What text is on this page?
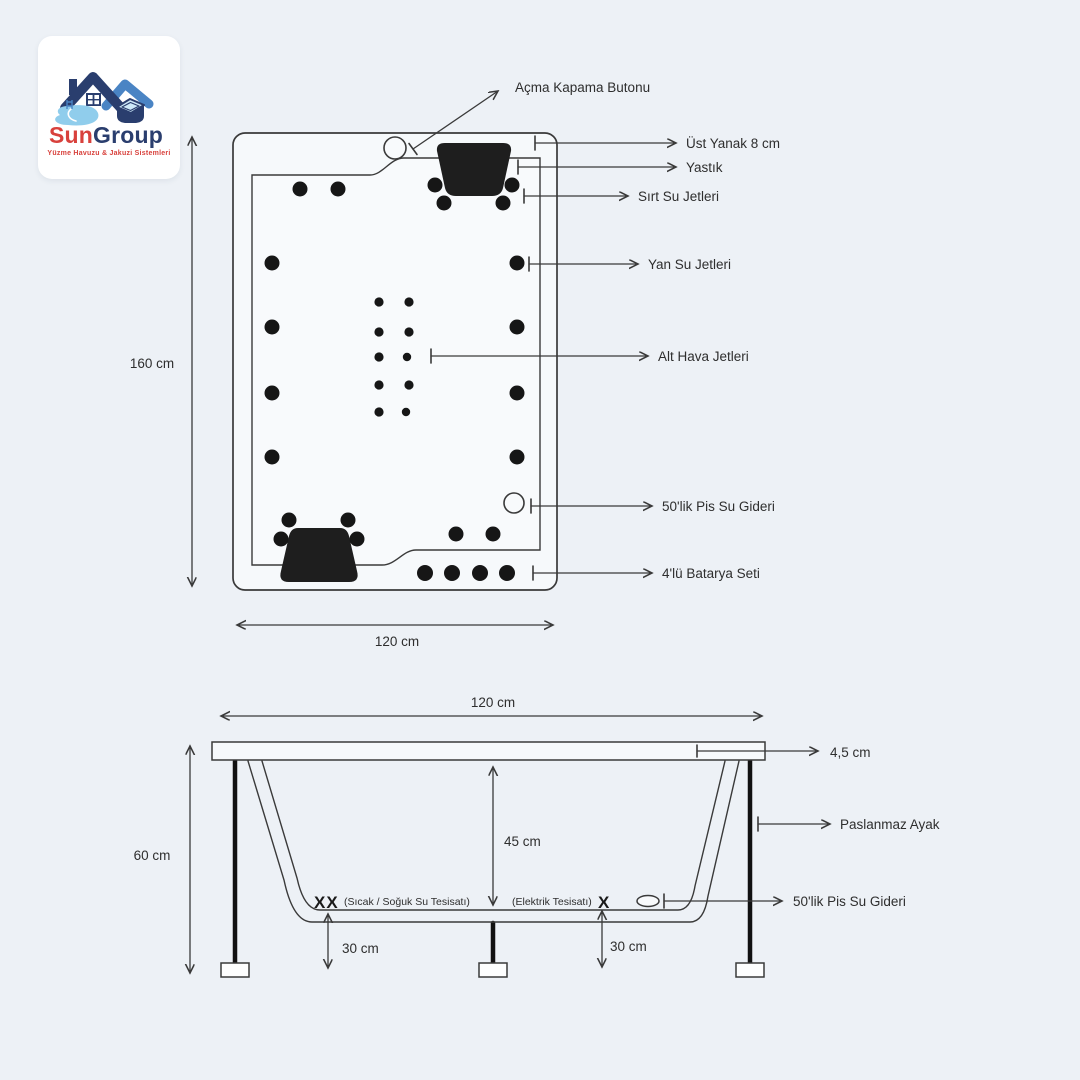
Sun Group
Yüzme Havuzu & Jakuzi Sistemleri
Açma Kapama Butonu
Üst Yanak 8 cm
Yastık
Sırt Su Jetleri
Yan Su Jetleri
Alt Hava Jetleri
50'lik Pis Su Gideri
4'lü Batarya Seti
160 cm
120 cm
120 cm
60 cm
45 cm
30 cm	30 cm
4,5 cm
Paslanmaz Ayak
50'lik Pis Su Gideri
XX (Sıcak / Soğuk Su Tesisatı)	(Elektrik Tesisatı) X
